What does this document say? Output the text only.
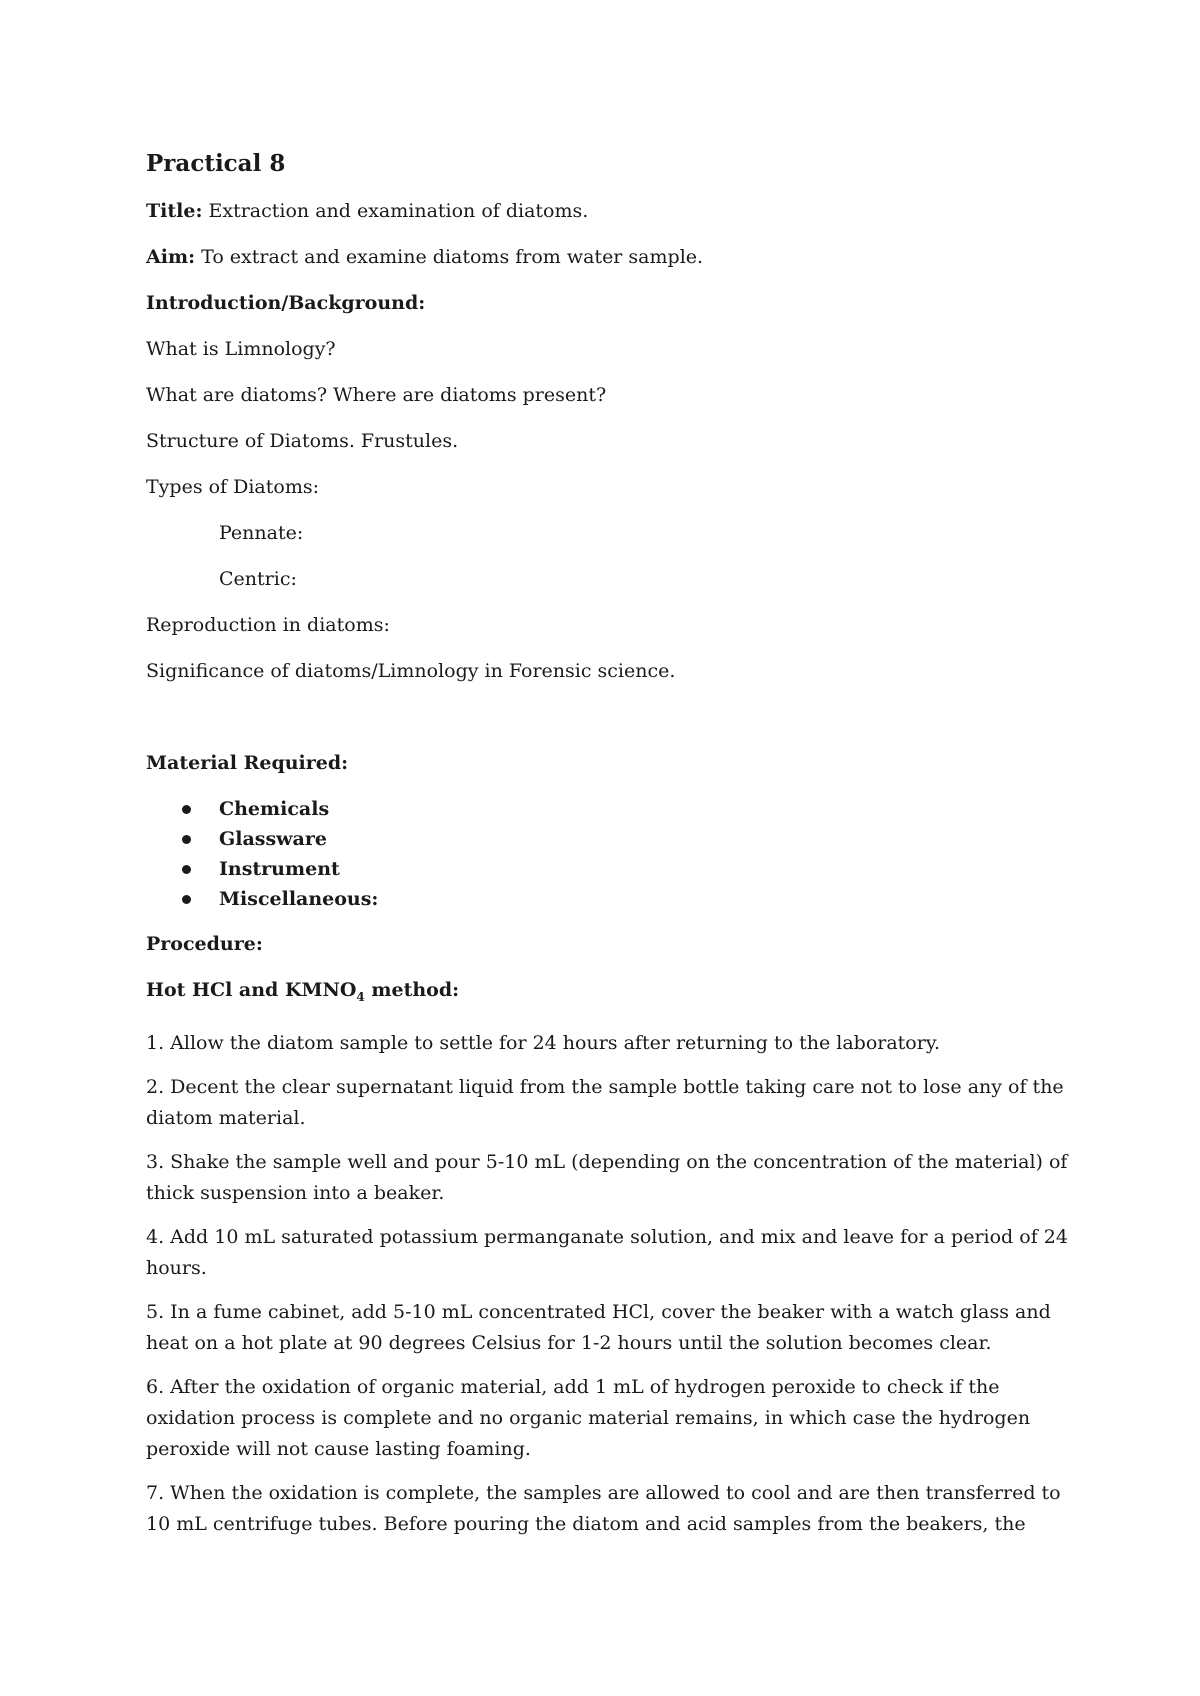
Practical 8
Title: Extraction and examination of diatoms.
Aim: To extract and examine diatoms from water sample.
Introduction/Background:
What is Limnology?
What are diatoms? Where are diatoms present?
Structure of Diatoms. Frustules.
Types of Diatoms:
Pennate:
Centric:
Reproduction in diatoms:
Significance of diatoms/Limnology in Forensic science.
Material Required:
Chemicals
Glassware
Instrument
Miscellaneous:
Procedure:
Hot HCl and $KMNO_4$ method:
1. Allow the diatom sample to settle for 24 hours after returning to the laboratory.
2. Decent the clear supernatant liquid from the sample bottle taking care not to lose any of the diatom material.
3. Shake the sample well and pour 5-10 mL (depending on the concentration of the material) of thick suspension into a beaker.
4. Add 10 mL saturated potassium permanganate solution, and mix and leave for a period of 24 hours.
5. In a fume cabinet, add 5-10 mL concentrated HCl, cover the beaker with a watch glass and heat on a hot plate at 90 degrees Celsius for 1-2 hours until the solution becomes clear.
6. After the oxidation of organic material, add 1 mL of hydrogen peroxide to check if the oxidation process is complete and no organic material remains, in which case the hydrogen peroxide will not cause lasting foaming.
7. When the oxidation is complete, the samples are allowed to cool and are then transferred to 10 mL centrifuge tubes. Before pouring the diatom and acid samples from the beakers, the
